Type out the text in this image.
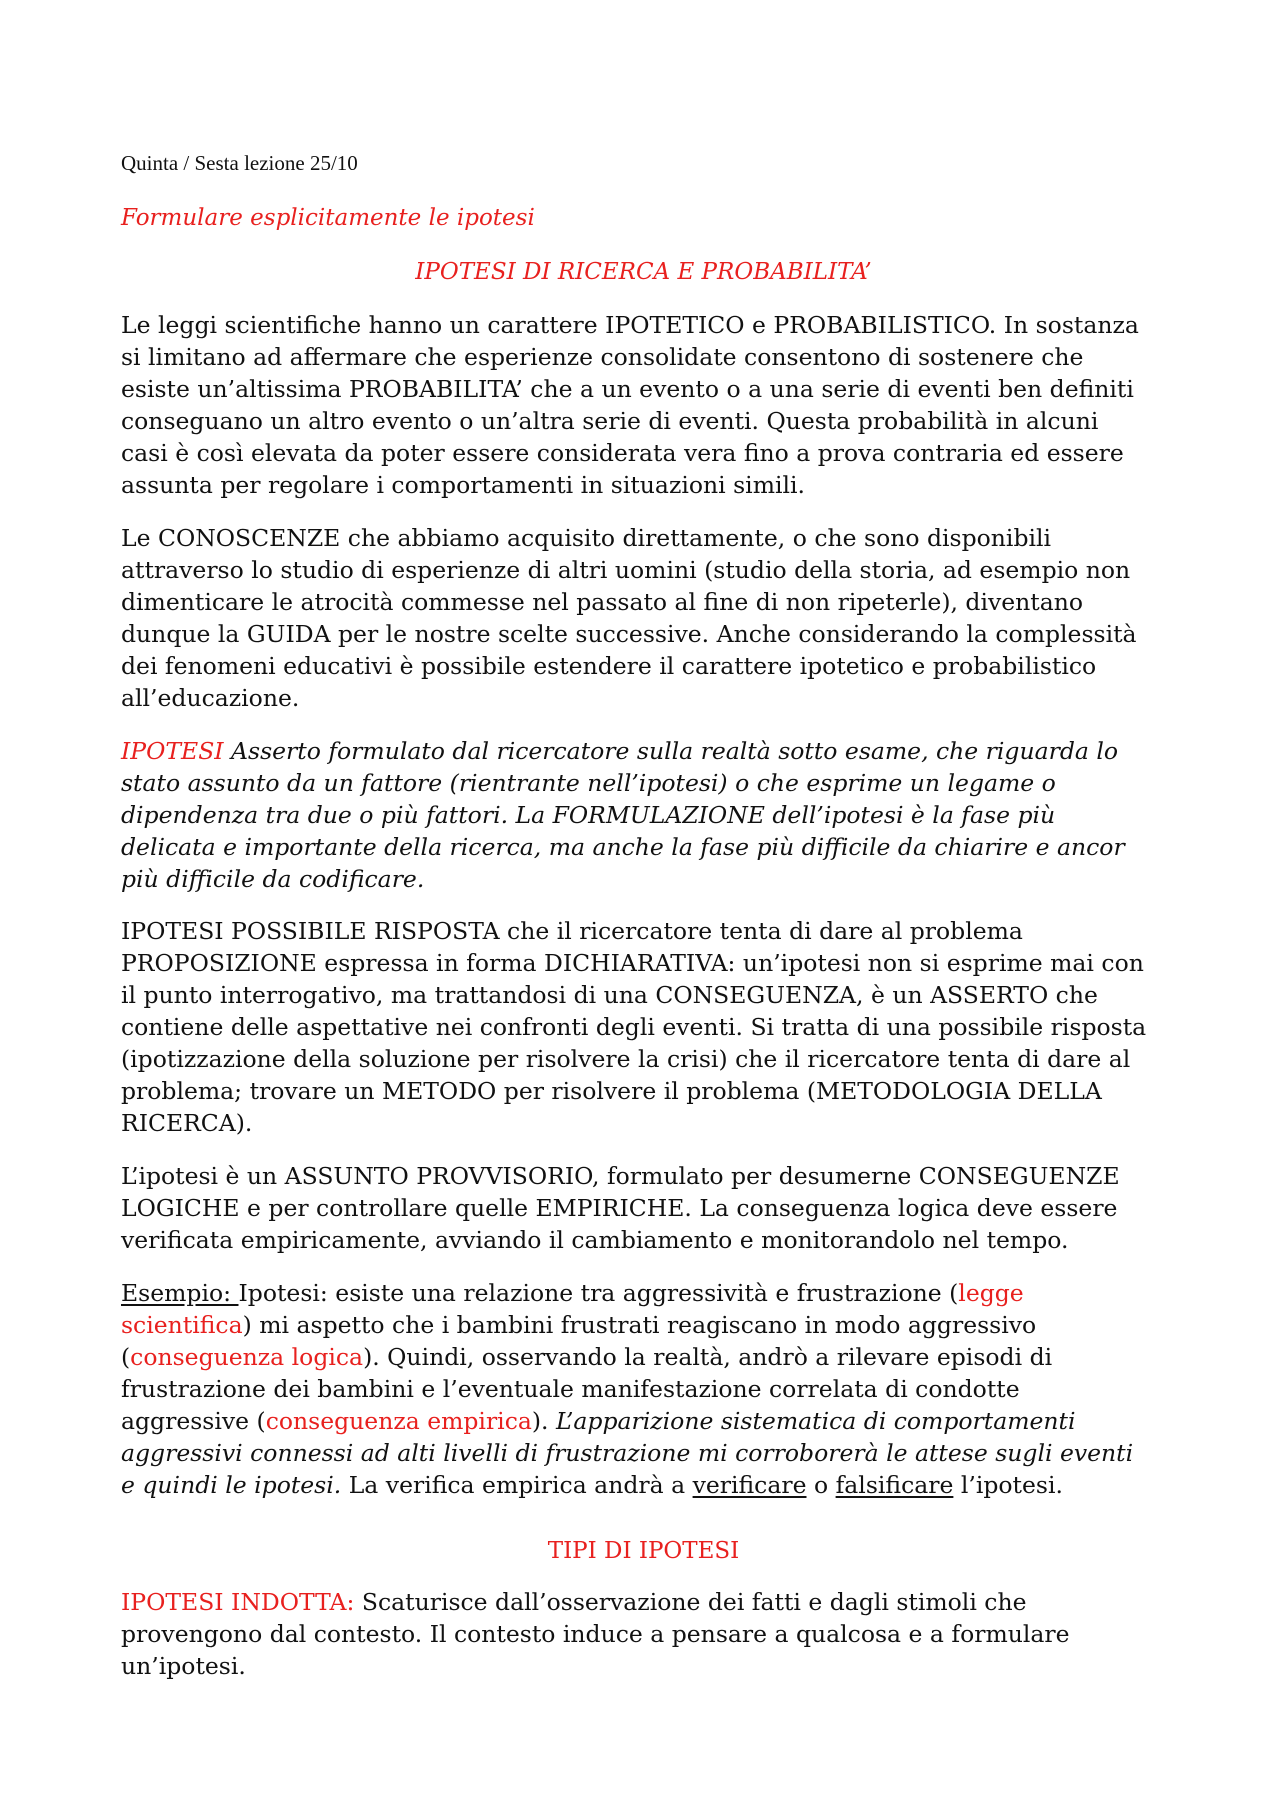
Quinta / Sesta lezione 25/10
Formulare esplicitamente le ipotesi
IPOTESI DI RICERCA E PROBABILITA’
Le leggi scientifiche hanno un carattere IPOTETICO e PROBABILISTICO. In sostanza
si limitano ad affermare che esperienze consolidate consentono di sostenere che
esiste un’altissima PROBABILITA’ che a un evento o a una serie di eventi ben definiti
conseguano un altro evento o un’altra serie di eventi. Questa probabilità in alcuni
casi è così elevata da poter essere considerata vera fino a prova contraria ed essere
assunta per regolare i comportamenti in situazioni simili.
Le CONOSCENZE che abbiamo acquisito direttamente, o che sono disponibili
attraverso lo studio di esperienze di altri uomini (studio della storia, ad esempio non
dimenticare le atrocità commesse nel passato al fine di non ripeterle), diventano
dunque la GUIDA per le nostre scelte successive. Anche considerando la complessità
dei fenomeni educativi è possibile estendere il carattere ipotetico e probabilistico
all’educazione.
IPOTESI Asserto formulato dal ricercatore sulla realtà sotto esame, che riguarda lo
stato assunto da un fattore (rientrante nell’ipotesi) o che esprime un legame o
dipendenza tra due o più fattori. La FORMULAZIONE dell’ipotesi è la fase più
delicata e importante della ricerca, ma anche la fase più difficile da chiarire e ancor
più difficile da codificare.
IPOTESI POSSIBILE RISPOSTA che il ricercatore tenta di dare al problema
PROPOSIZIONE espressa in forma DICHIARATIVA: un’ipotesi non si esprime mai con
il punto interrogativo, ma trattandosi di una CONSEGUENZA, è un ASSERTO che
contiene delle aspettative nei confronti degli eventi. Si tratta di una possibile risposta
(ipotizzazione della soluzione per risolvere la crisi) che il ricercatore tenta di dare al
problema; trovare un METODO per risolvere il problema (METODOLOGIA DELLA
RICERCA).
L’ipotesi è un ASSUNTO PROVVISORIO, formulato per desumerne CONSEGUENZE
LOGICHE e per controllare quelle EMPIRICHE. La conseguenza logica deve essere
verificata empiricamente, avviando il cambiamento e monitorandolo nel tempo.
Esempio: Ipotesi: esiste una relazione tra aggressività e frustrazione (legge
scientifica) mi aspetto che i bambini frustrati reagiscano in modo aggressivo
(conseguenza logica). Quindi, osservando la realtà, andrò a rilevare episodi di
frustrazione dei bambini e l’eventuale manifestazione correlata di condotte
aggressive (conseguenza empirica). L’apparizione sistematica di comportamenti
aggressivi connessi ad alti livelli di frustrazione mi corroborerà le attese sugli eventi
e quindi le ipotesi. La verifica empirica andrà a verificare o falsificare l’ipotesi.
TIPI DI IPOTESI
IPOTESI INDOTTA: Scaturisce dall’osservazione dei fatti e dagli stimoli che
provengono dal contesto. Il contesto induce a pensare a qualcosa e a formulare
un’ipotesi.
